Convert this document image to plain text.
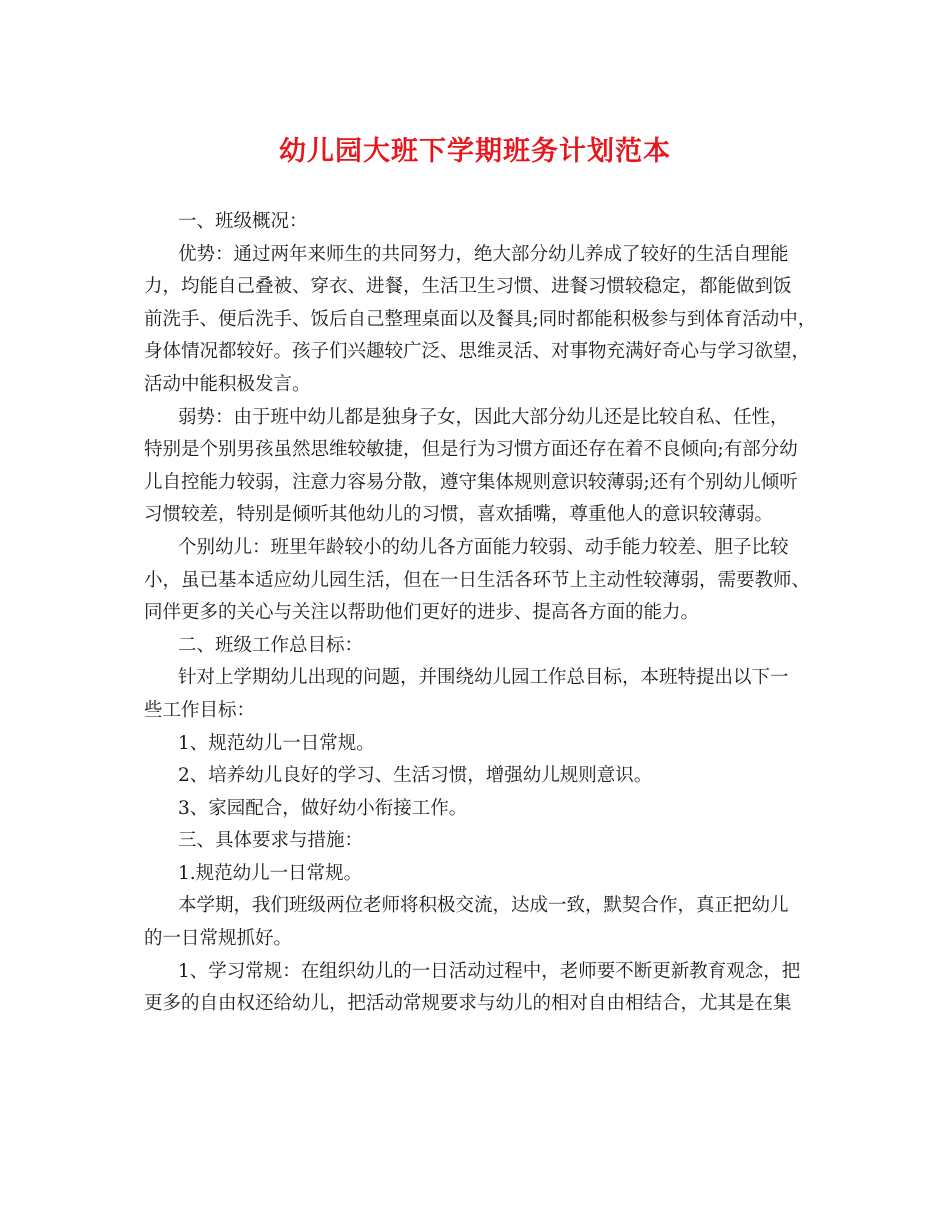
幼儿园大班下学期班务计划范本
一、班级概况：
优势：通过两年来师生的共同努力，绝大部分幼儿养成了较好的生活自理能
力，均能自己叠被、穿衣、进餐，生活卫生习惯、进餐习惯较稳定，都能做到饭
前洗手、便后洗手、饭后自己整理桌面以及餐具;同时都能积极参与到体育活动中，
身体情况都较好。孩子们兴趣较广泛、思维灵活、对事物充满好奇心与学习欲望，
活动中能积极发言。
弱势：由于班中幼儿都是独身子女，因此大部分幼儿还是比较自私、任性，
特别是个别男孩虽然思维较敏捷，但是行为习惯方面还存在着不良倾向;有部分幼
儿自控能力较弱，注意力容易分散，遵守集体规则意识较薄弱;还有个别幼儿倾听
习惯较差，特别是倾听其他幼儿的习惯，喜欢插嘴，尊重他人的意识较薄弱。
个别幼儿：班里年龄较小的幼儿各方面能力较弱、动手能力较差、胆子比较
小，虽已基本适应幼儿园生活，但在一日生活各环节上主动性较薄弱，需要教师、
同伴更多的关心与关注以帮助他们更好的进步、提高各方面的能力。
二、班级工作总目标：
针对上学期幼儿出现的问题，并围绕幼儿园工作总目标，本班特提出以下一
些工作目标：
1、规范幼儿一日常规。
2、培养幼儿良好的学习、生活习惯，增强幼儿规则意识。
3、家园配合，做好幼小衔接工作。
三、具体要求与措施：
1.规范幼儿一日常规。
本学期，我们班级两位老师将积极交流，达成一致，默契合作，真正把幼儿
的一日常规抓好。
1、学习常规：在组织幼儿的一日活动过程中，老师要不断更新教育观念，把
更多的自由权还给幼儿，把活动常规要求与幼儿的相对自由相结合，尤其是在集
